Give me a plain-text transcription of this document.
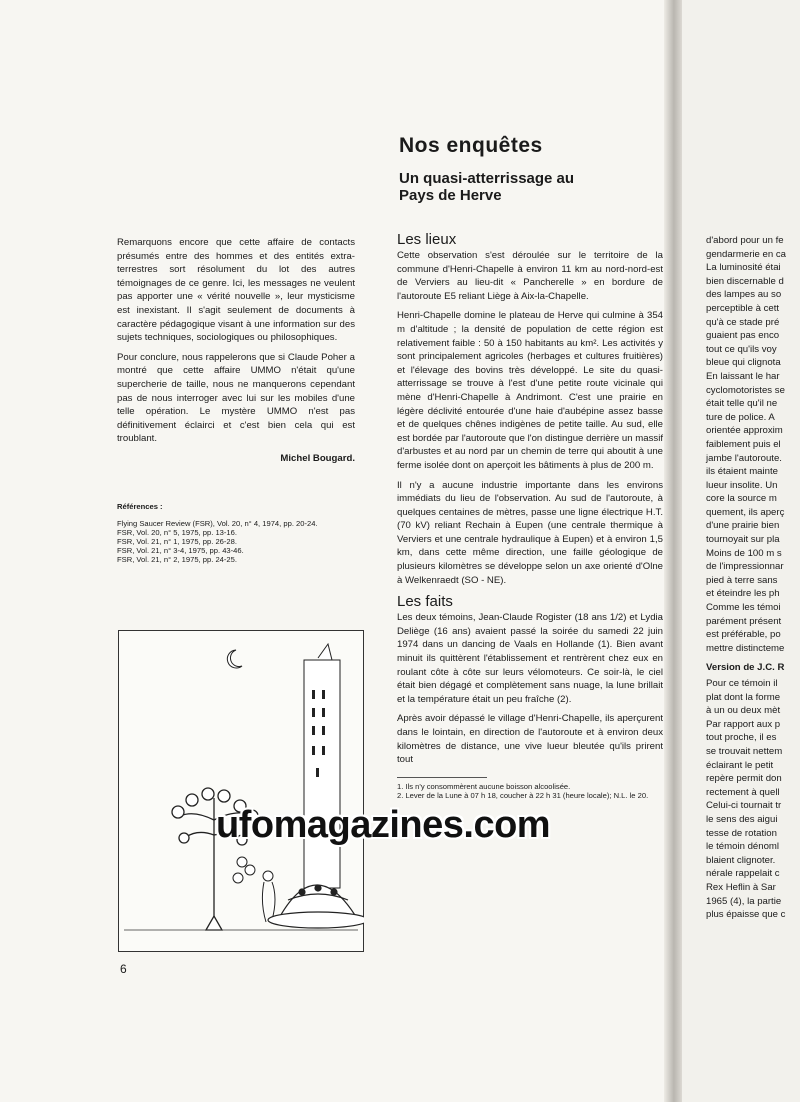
Nos enquêtes
Un quasi-atterrissage au
Pays de Herve

Remarquons encore que cette affaire de contacts présumés entre des hommes et des entités extra-terrestres sort résolument du lot des autres témoignages de ce genre. Ici, les messages ne veulent pas apporter une « vérité nouvelle », leur mysticisme est inexistant. Il s'agit seulement de documents à caractère pédagogique visant à une information sur des sujets techniques, sociologiques ou philosophiques.

Pour conclure, nous rappelerons que si Claude Poher a montré que cette affaire UMMO n'était qu'une supercherie de taille, nous ne manquerons cependant pas de nous interroger avec lui sur les mobiles d'une telle opération. Le mystère UMMO n'est pas définitivement éclairci et c'est bien cela qui est troublant.

Michel Bougard.
Références :
Flying Saucer Review (FSR), Vol. 20, n° 4, 1974, pp. 20-24.
FSR, Vol. 20, n° 5, 1975, pp. 13-16.
FSR, Vol. 21, n° 1, 1975, pp. 26-28.
FSR, Vol. 21, n° 3-4, 1975, pp. 43-46.
FSR, Vol. 21, n° 2, 1975, pp. 24-25.
6
Les lieux

Cette observation s'est déroulée sur le territoire de la commune d'Henri-Chapelle à environ 11 km au nord-nord-est de Verviers au lieu-dit « Pancherelle » en bordure de l'autoroute E5 reliant Liège à Aix-la-Chapelle.

Henri-Chapelle domine le plateau de Herve qui culmine à 354 m d'altitude ; la densité de population de cette région est relativement faible : 50 à 150 habitants au km². Les activités y sont principalement agricoles (herbages et cultures fruitières) et l'élevage des bovins très développé. Le site du quasi-atterrissage se trouve à l'est d'une petite route vicinale qui mène d'Henri-Chapelle à Andrimont. C'est une prairie en légère déclivité entourée d'une haie d'aubépine assez basse et de quelques chênes indigènes de petite taille. Au sud, elle est bordée par l'autoroute que l'on distingue derrière un massif d'arbustes et au nord par un chemin de terre qui aboutit à une ferme isolée dont on aperçoit les bâtiments à plus de 200 m.

Il n'y a aucune industrie importante dans les environs immédiats du lieu de l'observation. Au sud de l'autoroute, à quelques centaines de mètres, passe une ligne électrique H.T. (70 kV) reliant Rechain à Eupen (une centrale thermique à Verviers et une centrale hydraulique à Eupen) et à environ 1,5 km, dans cette même direction, une faille géologique de plusieurs kilomètres se développe selon un axe orienté d'Olne à Welkenraedt (SO - NE).

Les faits

Les deux témoins, Jean-Claude Rogister (18 ans 1/2) et Lydia Deliège (16 ans) avaient passé la soirée du samedi 22 juin 1974 dans un dancing de Vaals en Hollande (1). Bien avant minuit ils quittèrent l'établissement et rentrèrent chez eux en roulant côte à côte sur leurs vélomoteurs. Ce soir-là, le ciel était bien dégagé et complètement sans nuage, la lune brillait et la température était un peu fraîche (2).

Après avoir dépassé le village d'Henri-Chapelle, ils aperçurent dans le lointain, en direction de l'autoroute et à environ deux kilomètres de distance, une vive lueur bleutée qu'ils prirent tout

1. Ils n'y consommèrent aucune boisson alcoolisée.
2. Lever de la Lune à 07 h 18, coucher à 22 h 31 (heure locale); N.L. le 20.
ufomagazines.com
d'abord pour un fe
gendarmerie en ca
La luminosité étai
bien discernable d
des lampes au so
perceptible à cett
qu'à ce stade pré
guaient pas enco
tout ce qu'ils voy
bleue qui clignota
En laissant le har
cyclomotoristes se
était telle qu'il ne
ture de police. A
orientée approxim
faiblement puis el
jambe l'autoroute.
ils étaient mainte
lueur insolite. Un
core la source m
quement, ils aperç
d'une prairie bien
tournoyait sur pla
Moins de 100 m s
de l'impressionnar
pied à terre sans
et éteindre les ph
Comme les témoi
parément présent
est préférable, po
mettre distincteme
Version de J.C. R
Pour ce témoin il
plat dont la forme
à un ou deux mèt
Par rapport aux p
tout proche, il es
se trouvait nettem
éclairant le petit
repère permit don
rectement à quell
Celui-ci tournait tr
le sens des aigui
tesse de rotation
le témoin dénoml
blaient clignoter.
nérale rappelait c
Rex Heflin à Sar
1965 (4), la partie
plus épaisse que c
